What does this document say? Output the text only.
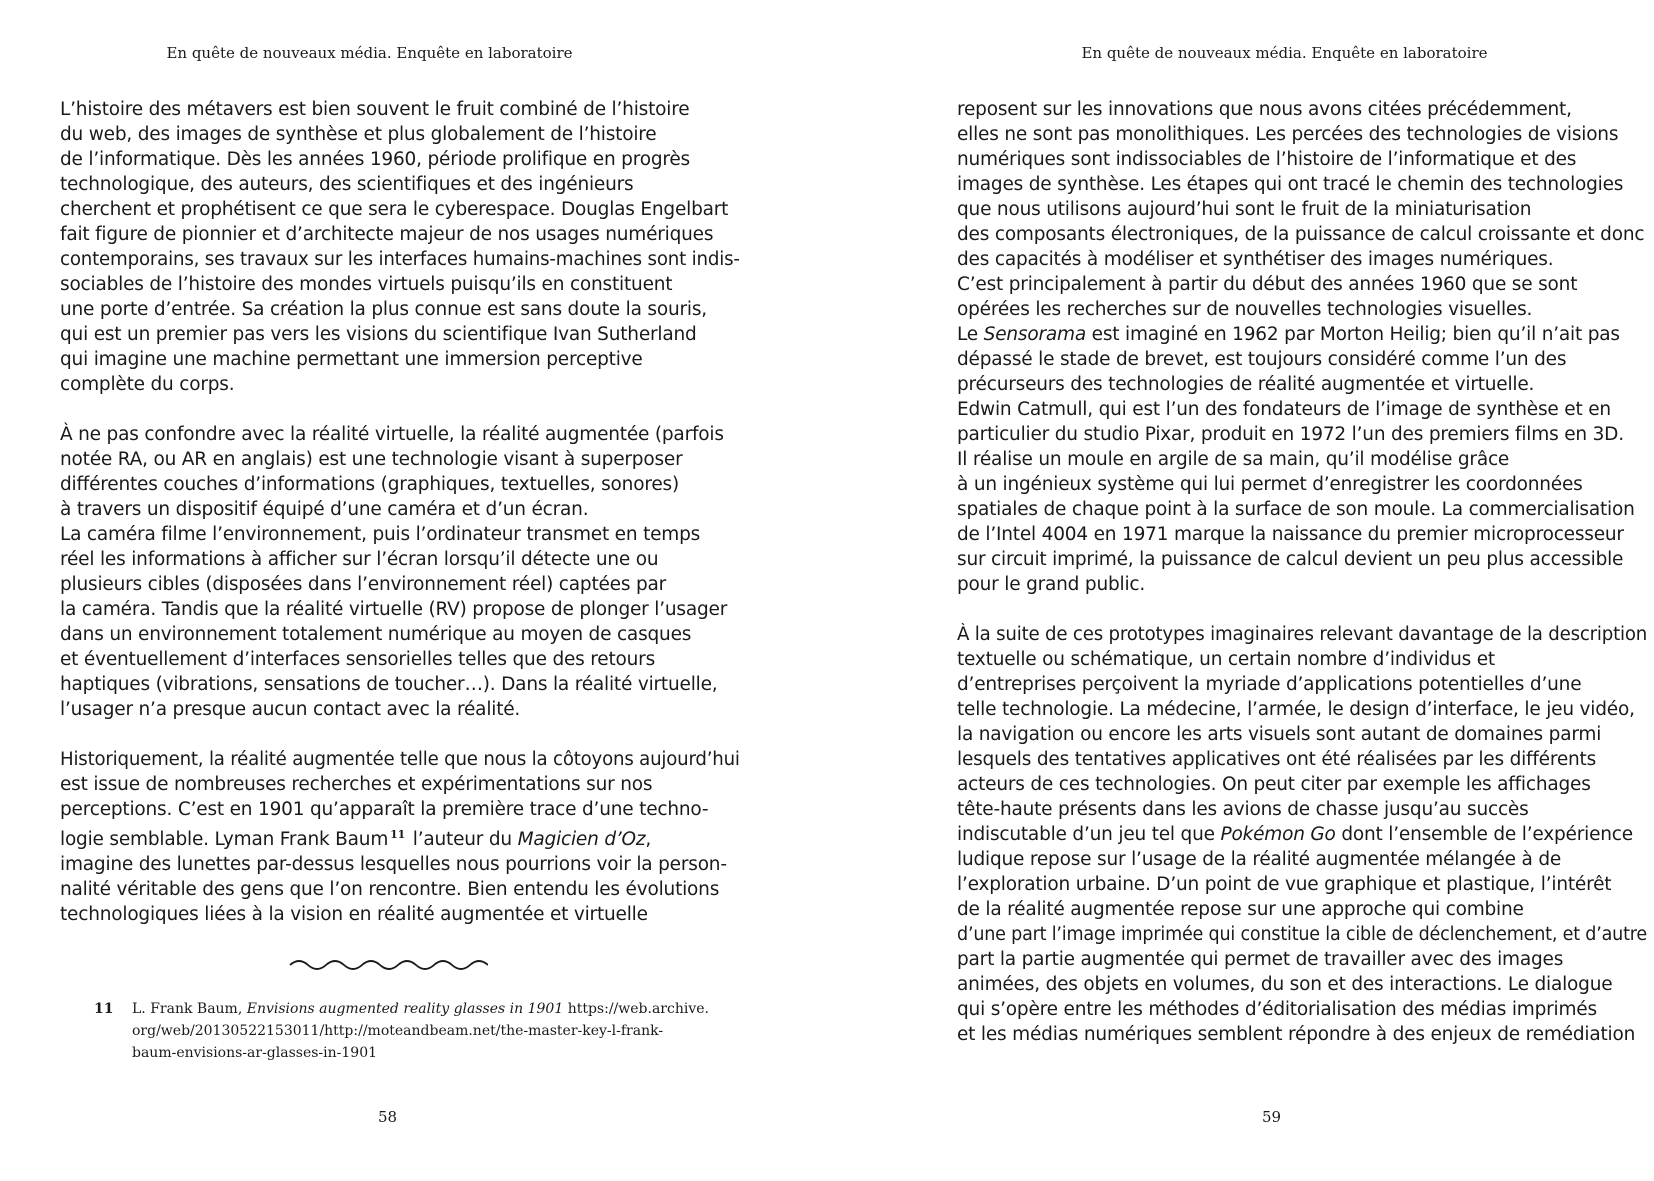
En quête de nouveaux média. Enquête en laboratoire
L’histoire des métavers est bien souvent le fruit combiné de l’histoire
du web, des images de synthèse et plus globalement de l’histoire
de l’informatique. Dès les années 1960, période prolifique en progrès
technologique, des auteurs, des scientifiques et des ingénieurs
cherchent et prophétisent ce que sera le cyberespace. Douglas Engelbart
fait figure de pionnier et d’architecte majeur de nos usages numériques
contemporains, ses travaux sur les interfaces humains-machines sont indis-
sociables de l’histoire des mondes virtuels puisqu’ils en constituent
une porte d’entrée. Sa création la plus connue est sans doute la souris,
qui est un premier pas vers les visions du scientifique Ivan Sutherland
qui imagine une machine permettant une immersion perceptive
complète du corps.
À ne pas confondre avec la réalité virtuelle, la réalité augmentée (parfois
notée RA, ou AR en anglais) est une technologie visant à superposer
différentes couches d’informations (graphiques, textuelles, sonores)
à travers un dispositif équipé d’une caméra et d’un écran.
La caméra filme l’environnement, puis l’ordinateur transmet en temps
réel les informations à afficher sur l’écran lorsqu’il détecte une ou
plusieurs cibles (disposées dans l’environnement réel) captées par
la caméra. Tandis que la réalité virtuelle (RV) propose de plonger l’usager
dans un environnement totalement numérique au moyen de casques
et éventuellement d’interfaces sensorielles telles que des retours
haptiques (vibrations, sensations de toucher…). Dans la réalité virtuelle,
l’usager n’a presque aucun contact avec la réalité.
Historiquement, la réalité augmentée telle que nous la côtoyons aujourd’hui
est issue de nombreuses recherches et expérimentations sur nos
perceptions. C’est en 1901 qu’apparaît la première trace d’une techno-
logie semblable. Lyman Frank Baum $^{11}$ l’auteur du Magicien d’Oz,
imagine des lunettes par-dessus lesquelles nous pourrions voir la person-
nalité véritable des gens que l’on rencontre. Bien entendu les évolutions
technologiques liées à la vision en réalité augmentée et virtuelle
11 L. Frank Baum, Envisions augmented reality glasses in 1901 https://web.archive.
org/web/20130522153011/http://moteandbeam.net/the-master-key-l-frank-
baum-envisions-ar-glasses-in-1901
58
En quête de nouveaux média. Enquête en laboratoire
reposent sur les innovations que nous avons citées précédemment,
elles ne sont pas monolithiques. Les percées des technologies de visions
numériques sont indissociables de l’histoire de l’informatique et des
images de synthèse. Les étapes qui ont tracé le chemin des technologies
que nous utilisons aujourd’hui sont le fruit de la miniaturisation
des composants électroniques, de la puissance de calcul croissante et donc
des capacités à modéliser et synthétiser des images numériques.
C’est principalement à partir du début des années 1960 que se sont
opérées les recherches sur de nouvelles technologies visuelles.
Le Sensorama est imaginé en 1962 par Morton Heilig; bien qu’il n’ait pas
dépassé le stade de brevet, est toujours considéré comme l’un des
précurseurs des technologies de réalité augmentée et virtuelle.
Edwin Catmull, qui est l’un des fondateurs de l’image de synthèse et en
particulier du studio Pixar, produit en 1972 l’un des premiers films en 3D.
Il réalise un moule en argile de sa main, qu’il modélise grâce
à un ingénieux système qui lui permet d’enregistrer les coordonnées
spatiales de chaque point à la surface de son moule. La commercialisation
de l’Intel 4004 en 1971 marque la naissance du premier microprocesseur
sur circuit imprimé, la puissance de calcul devient un peu plus accessible
pour le grand public.
À la suite de ces prototypes imaginaires relevant davantage de la description
textuelle ou schématique, un certain nombre d’individus et
d’entreprises perçoivent la myriade d’applications potentielles d’une
telle technologie. La médecine, l’armée, le design d’interface, le jeu vidéo,
la navigation ou encore les arts visuels sont autant de domaines parmi
lesquels des tentatives applicatives ont été réalisées par les différents
acteurs de ces technologies. On peut citer par exemple les affichages
tête-haute présents dans les avions de chasse jusqu’au succès
indiscutable d’un jeu tel que Pokémon Go dont l’ensemble de l’expérience
ludique repose sur l’usage de la réalité augmentée mélangée à de
l’exploration urbaine. D’un point de vue graphique et plastique, l’intérêt
de la réalité augmentée repose sur une approche qui combine
d’une part l’image imprimée qui constitue la cible de déclenchement, et d’autre
part la partie augmentée qui permet de travailler avec des images
animées, des objets en volumes, du son et des interactions. Le dialogue
qui s’opère entre les méthodes d’éditorialisation des médias imprimés
et les médias numériques semblent répondre à des enjeux de remédiation
59
